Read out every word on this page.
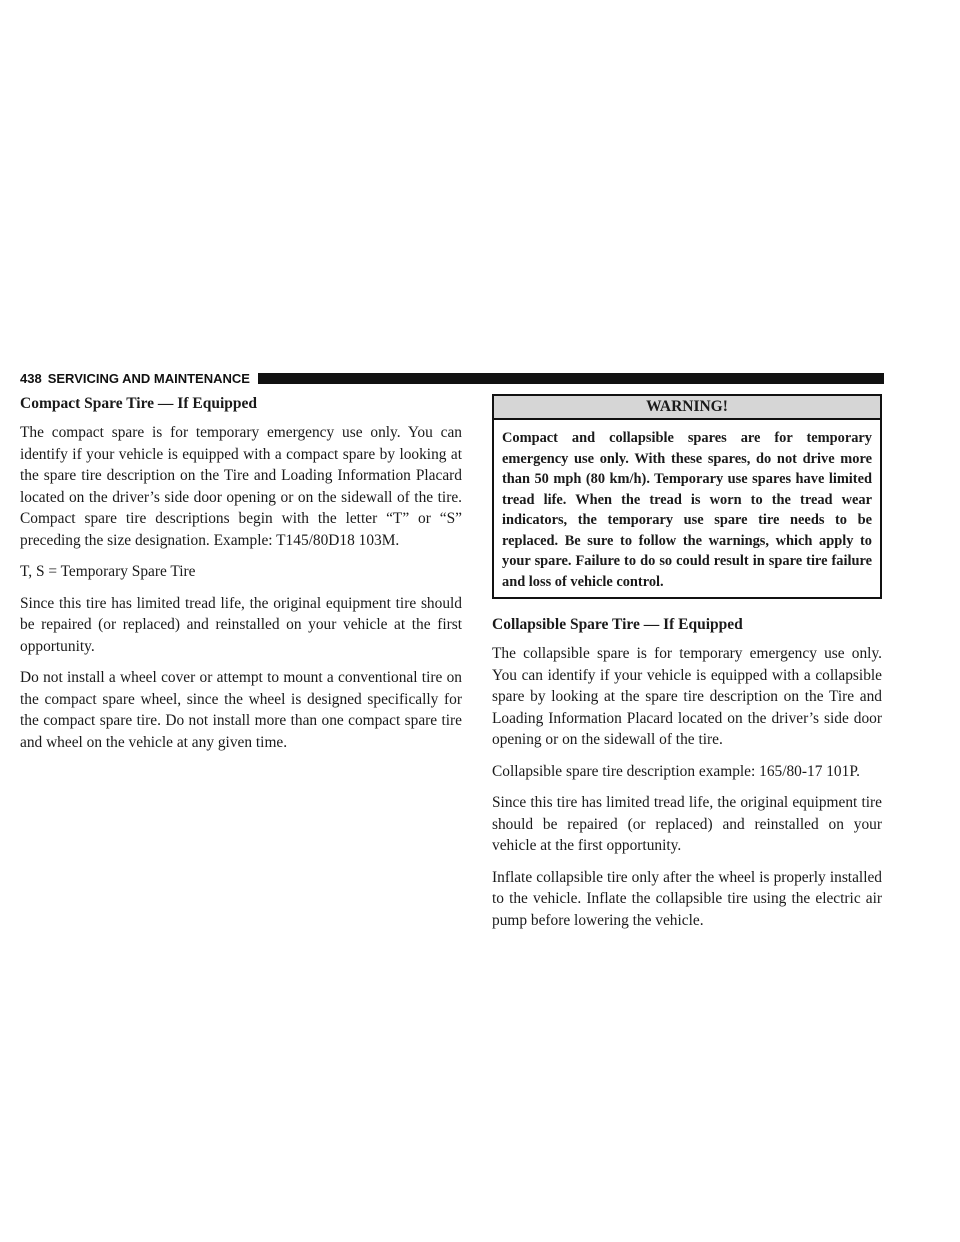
438 SERVICING AND MAINTENANCE
Compact Spare Tire — If Equipped

The compact spare is for temporary emergency use only. You can identify if your vehicle is equipped with a compact spare by looking at the spare tire description on the Tire and Loading Information Placard located on the driver’s side door opening or on the sidewall of the tire. Compact spare tire descriptions begin with the letter “T” or “S” preceding the size designation. Example: T145/80D18 103M.

T, S = Temporary Spare Tire

Since this tire has limited tread life, the original equipment tire should be repaired (or replaced) and reinstalled on your vehicle at the first opportunity.

Do not install a wheel cover or attempt to mount a conventional tire on the compact spare wheel, since the wheel is designed specifically for the compact spare tire. Do not install more than one compact spare tire and wheel on the vehicle at any given time.

WARNING!
Compact and collapsible spares are for temporary emergency use only. With these spares, do not drive more than 50 mph (80 km/h). Temporary use spares have limited tread life. When the tread is worn to the tread wear indicators, the temporary use spare tire needs to be replaced. Be sure to follow the warnings, which apply to your spare. Failure to do so could result in spare tire failure and loss of vehicle control.
Collapsible Spare Tire — If Equipped

The collapsible spare is for temporary emergency use only. You can identify if your vehicle is equipped with a collapsible spare by looking at the spare tire description on the Tire and Loading Information Placard located on the driver’s side door opening or on the sidewall of the tire.

Collapsible spare tire description example: 165/80-17 101P.

Since this tire has limited tread life, the original equipment tire should be repaired (or replaced) and reinstalled on your vehicle at the first opportunity.

Inflate collapsible tire only after the wheel is properly installed to the vehicle. Inflate the collapsible tire using the electric air pump before lowering the vehicle.
